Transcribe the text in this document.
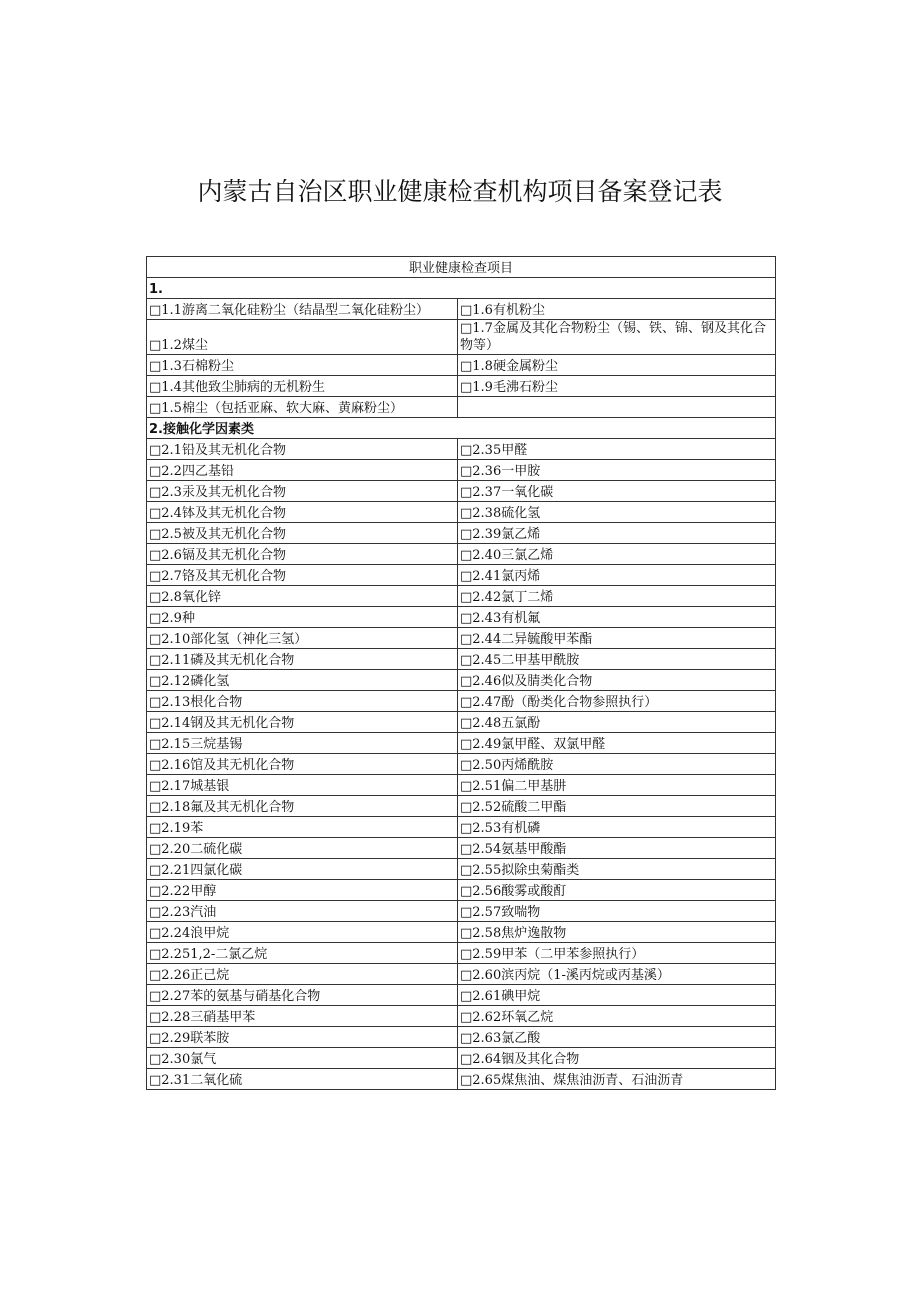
内蒙古自治区职业健康检查机构项目备案登记表
职业健康检查项目	
1.	
□1.1游离二氧化硅粉尘（结晶型二氧化硅粉尘）	□1.6有机粉尘
□1.2煤尘	□1.7金属及其化合物粉尘（锡、铁、锦、钢及其化合物等）
□1.3石棉粉尘	□1.8硬金属粉尘
□1.4其他致尘肺病的无机粉生	□1.9毛沸石粉尘
□1.5棉尘（包括亚麻、软大麻、黄麻粉尘）	
2.接触化学因素类	
□2.1铅及其无机化合物	□2.35甲醛
□2.2四乙基铅	□2.36一甲胺
□2.3汞及其无机化合物	□2.37一氧化碳
□2.4钵及其无机化合物	□2.38硫化氢
□2.5被及其无机化合物	□2.39氯乙烯
□2.6镉及其无机化合物	□2.40三氯乙烯
□2.7铬及其无机化合物	□2.41氯丙烯
□2.8氧化锌	□2.42氯丁二烯
□2.9种	□2.43有机氟
□2.10部化氢（神化三氢）	□2.44二异毓酸甲苯酯
□2.11磷及其无机化合物	□2.45二甲基甲酰胺
□2.12磷化氢	□2.46似及腈类化合物
□2.13根化合物	□2.47酚（酚类化合物参照执行）
□2.14钢及其无机化合物	□2.48五氯酚
□2.15三烷基锡	□2.49氯甲醛、双氯甲醛
□2.16馆及其无机化合物	□2.50丙烯酰胺
□2.17城基银	□2.51偏二甲基肼
□2.18氟及其无机化合物	□2.52硫酸二甲酯
□2.19苯	□2.53有机磷
□2.20二硫化碳	□2.54氨基甲酸酯
□2.21四氯化碳	□2.55拟除虫菊酯类
□2.22甲醇	□2.56酸雾或酸酊
□2.23汽油	□2.57致喘物
□2.24浪甲烷	□2.58焦炉逸散物
□2.251,2-二氯乙烷	□2.59甲苯（二甲苯参照执行）
□2.26正己烷	□2.60滨丙烷（1-溪丙烷或丙基溪）
□2.27苯的氨基与硝基化合物	□2.61碘甲烷
□2.28三硝基甲苯	□2.62环氧乙烷
□2.29联苯胺	□2.63氯乙酸
□2.30氯气	□2.64铟及其化合物
□2.31二氧化硫	□2.65煤焦油、煤焦油沥青、石油沥青
